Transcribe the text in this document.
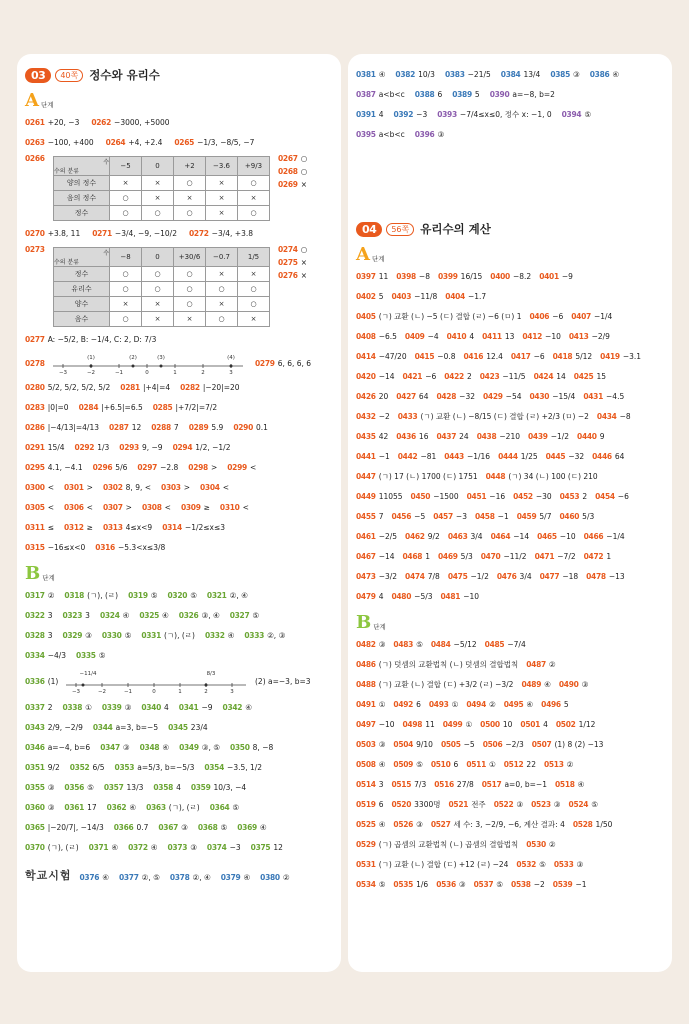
03	40쪽 정수와 유리수
A 단계
0261 +20, −3 0262 −3000, +5000
0263 −100, +400 0264 +4, +2.4 0265 −1/3, −8/5, −7
0266	수
수의 분류	−5	0	+2	−3.6	+9/3
양의 정수	×	×	○	×	○
음의 정수	○	×	×	×	×
정수	○	○	○	×	○
0267 ○
0268 ○
0269 ×
0270 +3.8, 11 0271 −3/4, −9, −10/2 0272 −3/4, +3.8
0273	수
수의 분류	−8	0	+30/6	−0.7	1/5
정수	○	○	○	×	×
유리수	○	○	○	○	○
양수	×	×	○	×	○
음수	○	×	×	○	×
0274 ○
0275 ×
0276 ×
0277 A: −5/2, B: −1/4, C: 2, D: 7/3
0278
−3	−2	−1	0	1	2	3
(1)	(2)	(3)	(4)
0279 6, 6, 6, 6
0280 5/2, 5/2, 5/2, 5/2 0281 |+4|=4 0282 |−20|=20
0283 |0|=0 0284 |+6.5|=6.5 0285 |+7/2|=7/2
0286 |−4/13|=4/13 0287 12 0288 7 0289 5.9 0290 0.1
0291 15/4 0292 1/3 0293 9, −9 0294 1/2, −1/2
0295 4.1, −4.1 0296 5/6 0297 −2.8 0298 > 0299 <
0300 < 0301 > 0302 8, 9, < 0303 > 0304 <
0305 < 0306 < 0307 > 0308 < 0309 ≥ 0310 <
0311 ≤ 0312 ≥ 0313 4≤x<9 0314 −1/2≤x≤3
0315 −16≤x<0 0316 −5.3<x≤3/8
B 단계
0317 ② 0318 (ㄱ), (ㄹ) 0319 ⑤ 0320 ⑤ 0321 ②, ④
0322 3 0323 3 0324 ④ 0325 ④ 0326 ③, ④ 0327 ⑤
0328 3 0329 ③ 0330 ⑤ 0331 (ㄱ), (ㄹ) 0332 ④ 0333 ②, ③
0334 −4/3 0335 ⑤
0336 (1)
−3	−2	−1	0	1	2	3
−11/4	8/3
(2) a=−3, b=3
0337 2 0338 ① 0339 ③ 0340 4 0341 −9 0342 ④
0343 2/9, −2/9 0344 a=3, b=−5 0345 23/4
0346 a=−4, b=6 0347 ③ 0348 ④ 0349 ③, ⑤ 0350 8, −8
0351 9/2 0352 6/5 0353 a=5/3, b=−5/3 0354 −3.5, 1/2
0355 ③ 0356 ⑤ 0357 13/3 0358 4 0359 10/3, −4
0360 ③ 0361 17 0362 ④ 0363 (ㄱ), (ㄹ) 0364 ⑤
0365 |−20/7|, −14/3 0366 0.7 0367 ③ 0368 ⑤ 0369 ④
0370 (ㄱ), (ㄹ) 0371 ④ 0372 ④ 0373 ③ 0374 −3 0375 12
학교시험 0376 ④ 0377 ②, ⑤ 0378 ②, ④ 0379 ④ 0380 ②
0381 ④ 0382 10/3 0383 −21/5 0384 13/4 0385 ③ 0386 ④
0387 a<b<c 0388 6 0389 5 0390 a=−8, b=2
0391 4 0392 −3 0393 −7/4≤x≤0, 정수 x: −1, 0 0394 ⑤
0395 a<b<c 0396 ③
04	56쪽 유리수의 계산
A 단계
0397 11 0398 −8 0399 16/15 0400 −8.2 0401 −9
0402 5 0403 −11/8 0404 −1.7
0405 (ㄱ) 교환 (ㄴ) −5 (ㄷ) 결합 (ㄹ) −6 (ㅁ) 1 0406 −6 0407 −1/4
0408 −6.5 0409 −4 0410 4 0411 13 0412 −10 0413 −2/9
0414 −47/20 0415 −0.8 0416 12.4 0417 −6 0418 5/12 0419 −3.1
0420 −14 0421 −6 0422 2 0423 −11/5 0424 14 0425 15
0426 20 0427 64 0428 −32 0429 −54 0430 −15/4 0431 −4.5
0432 −2 0433 (ㄱ) 교환 (ㄴ) −8/15 (ㄷ) 결합 (ㄹ) +2/3 (ㅁ) −2 0434 −8
0435 42 0436 16 0437 24 0438 −210 0439 −1/2 0440 9
0441 −1 0442 −81 0443 −1/16 0444 1/25 0445 −32 0446 64
0447 (ㄱ) 17 (ㄴ) 1700 (ㄷ) 1751 0448 (ㄱ) 34 (ㄴ) 100 (ㄷ) 210
0449 11055 0450 −1500 0451 −16 0452 −30 0453 2 0454 −6
0455 7 0456 −5 0457 −3 0458 −1 0459 5/7 0460 5/3
0461 −2/5 0462 9/2 0463 3/4 0464 −14 0465 −10 0466 −1/4
0467 −14 0468 1 0469 5/3 0470 −11/2 0471 −7/2 0472 1
0473 −3/2 0474 7/8 0475 −1/2 0476 3/4 0477 −18 0478 −13
0479 4 0480 −5/3 0481 −10
B 단계
0482 ③ 0483 ⑤ 0484 −5/12 0485 −7/4
0486 (ㄱ) 덧셈의 교환법칙 (ㄴ) 덧셈의 결합법칙 0487 ②
0488 (ㄱ) 교환 (ㄴ) 결합 (ㄷ) +3/2 (ㄹ) −3/2 0489 ④ 0490 ③
0491 ① 0492 6 0493 ① 0494 ② 0495 ④ 0496 5
0497 −10 0498 11 0499 ① 0500 10 0501 4 0502 1/12
0503 ③ 0504 9/10 0505 −5 0506 −2/3 0507 (1) 8 (2) −13
0508 ④ 0509 ⑤ 0510 6 0511 ① 0512 22 0513 ②
0514 3 0515 7/3 0516 27/8 0517 a=0, b=−1 0518 ④
0519 6 0520 3300명 0521 전주 0522 ③ 0523 ③ 0524 ⑤
0525 ④ 0526 ③ 0527 세 수: 3, −2/9, −6, 계산 결과: 4 0528 1/50
0529 (ㄱ) 곱셈의 교환법칙 (ㄴ) 곱셈의 결합법칙 0530 ②
0531 (ㄱ) 교환 (ㄴ) 결합 (ㄷ) +12 (ㄹ) −24 0532 ⑤ 0533 ③
0534 ⑤ 0535 1/6 0536 ③ 0537 ⑤ 0538 −2 0539 −1
